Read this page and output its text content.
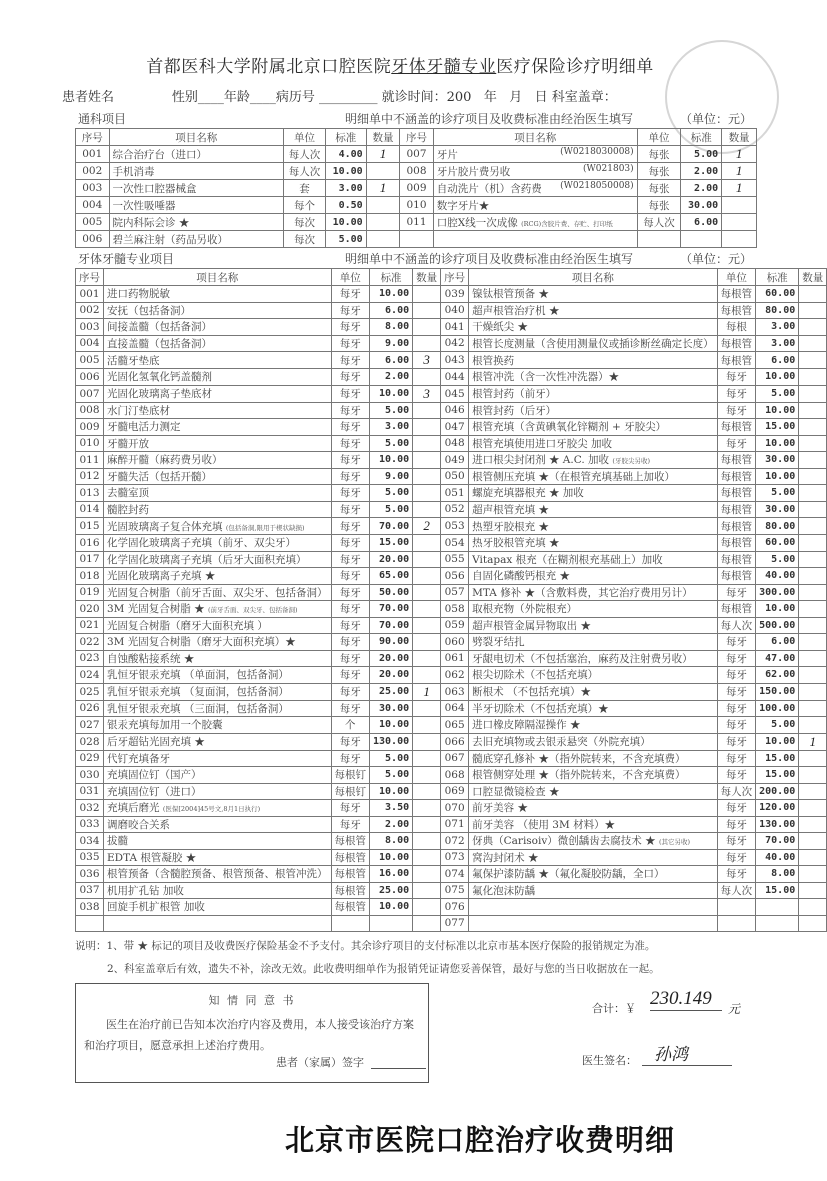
首都医科大学附属北京口腔医院牙体牙髓专业医疗保险诊疗明细单
患者姓名              性别____年龄____病历号 _________ 就诊时间：200   年   月   日 科室盖章：
通科项目	明细单中不涵盖的诊疗项目及收费标准由经治医生填写	（单位：元）
序号	项目名称	单位	标准	数量	序号	项目名称	单位	标准	数量
001	综合治疗台（进口）	每人次	4.00	1	007	牙片 (W0218030008)	每张	5.00	1
002	手机消毒	每人次	10.00		008	牙片胶片费另收 (W021803)	每张	2.00	1
003	一次性口腔器械盒	套	3.00	1	009	自动洗片（机）含药费 (W0218050008)	每张	2.00	1
004	一次性吸唾器	每个	0.50		010	数字牙片★	每张	30.00	
005	院内科际会诊 ★	每次	10.00		011	口腔X线一次成像 (RCG)含胶片费、存贮、打印纸	每人次	6.00	
006	碧兰麻注射（药品另收）	每次	5.00						
牙体牙髓专业项目	明细单中不涵盖的诊疗项目及收费标准由经治医生填写	（单位：元）
序号	项目名称	单位	标准	数量	序号	项目名称	单位	标准	数量
001	进口药物脱敏	每牙	10.00		039	镍钛根管预备 ★	每根管	60.00	
002	安抚（包括备洞）	每牙	6.00		040	超声根管治疗机 ★	每根管	80.00	
003	间接盖髓（包括备洞）	每牙	8.00		041	干燥纸尖 ★	每根	3.00	
004	直接盖髓（包括备洞）	每牙	9.00		042	根管长度测量（含使用测量仪或插诊断丝确定长度）	每根管	3.00	
005	活髓牙垫底	每牙	6.00	3	043	根管换药	每根管	6.00	
006	光固化氢氧化钙盖髓剂	每牙	2.00		044	根管冲洗（含一次性冲洗器）★	每牙	10.00	
007	光固化玻璃离子垫底材	每牙	10.00	3	045	根管封药（前牙）	每牙	5.00	
008	水门汀垫底材	每牙	5.00		046	根管封药（后牙）	每牙	10.00	
009	牙髓电活力测定	每牙	3.00		047	根管充填（含黄碘氧化锌糊剂 + 牙胶尖）	每根管	15.00	
010	牙髓开放	每牙	5.00		048	根管充填使用进口牙胶尖 加收	每牙	10.00	
011	麻醉开髓（麻药费另收）	每牙	10.00		049	进口根尖封闭剂 ★ A.C. 加收 (牙胶尖另收)	每根管	30.00	
012	牙髓失活（包括开髓）	每牙	9.00		050	根管侧压充填 ★（在根管充填基础上加收）	每根管	10.00	
013	去髓室顶	每牙	5.00		051	螺旋充填器根充 ★ 加收	每根管	5.00	
014	髓腔封药	每牙	5.00		052	超声根管充填 ★	每根管	30.00	
015	光固玻璃离子复合体充填 (包括备洞,限用于楔状缺损)	每牙	70.00	2	053	热塑牙胶根充 ★	每根管	80.00	
016	化学固化玻璃离子充填（前牙、双尖牙）	每牙	15.00		054	热牙胶根管充填 ★	每根管	60.00	
017	化学固化玻璃离子充填（后牙大面积充填）	每牙	20.00		055	Vitapax 根充（在糊剂根充基础上）加收	每根管	5.00	
018	光固化玻璃离子充填 ★	每牙	65.00		056	自固化磷酸钙根充 ★	每根管	40.00	
019	光固复合树脂（前牙舌面、双尖牙、包括备洞）	每牙	50.00		057	MTA 修补 ★（含敷料费，其它治疗费用另计）	每牙	300.00	
020	3M 光固复合树脂 ★ (前牙舌面、双尖牙、包括备洞)	每牙	70.00		058	取根充物（外院根充）	每根管	10.00	
021	光固复合树脂（磨牙大面积充填 ）	每牙	70.00		059	超声根管金属异物取出 ★	每人次	500.00	
022	3M 光固复合树脂（磨牙大面积充填）★	每牙	90.00		060	劈裂牙结扎	每牙	6.00	
023	自蚀酸粘接系统 ★	每牙	20.00		061	牙龈电切术（不包括塞治，麻药及注射费另收）	每牙	47.00	
024	乳恒牙银汞充填 （单面洞，包括备洞）	每牙	20.00		062	根尖切除术（不包括充填）	每牙	62.00	
025	乳恒牙银汞充填 （复面洞，包括备洞）	每牙	25.00	1	063	断根术 （不包括充填）★	每牙	150.00	
026	乳恒牙银汞充填 （三面洞，包括备洞）	每牙	30.00		064	半牙切除术（不包括充填）★	每牙	100.00	
027	银汞充填每加用一个胶囊	个	10.00		065	进口橡皮障隔湿操作 ★	每牙	5.00	
028	后牙超钻光固充填 ★	每牙	130.00		066	去旧充填物或去银汞悬突（外院充填）	每牙	10.00	1
029	代钉充填备牙	每牙	5.00		067	髓底穿孔修补 ★（指外院转来，不含充填费）	每牙	15.00	
030	充填固位钉（国产）	每根钉	5.00		068	根管侧穿处理 ★（指外院转来，不含充填费）	每牙	15.00	
031	充填固位钉（进口）	每根钉	10.00		069	口腔显微镜检查 ★	每人次	200.00	
032	充填后磨光 (医保[2004]45号文,8月1日执行)	每牙	3.50		070	前牙美容 ★	每牙	120.00	
033	调磨咬合关系	每牙	2.00		071	前牙美容 （使用 3M 材料）★	每牙	130.00	
034	拔髓	每根管	8.00		072	伢典（Carisoiv）微创龋齿去腐技术 ★ (其它另收)	每牙	70.00	
035	EDTA 根管凝胶 ★	每根管	10.00		073	窝沟封闭术 ★	每牙	40.00	
036	根管预备（含髓腔预备、根管预备、根管冲洗）	每根管	16.00		074	氟保护漆防龋 ★（氟化凝胶防龋，全口）	每牙	8.00	
037	机用扩孔钻 加收	每根管	25.00		075	氟化泡沫防龋	每人次	15.00	
038	回旋手机扩根管 加收	每根管	10.00		076				
					077				
说明：1、带 ★ 标记的项目及收费医疗保险基金不予支付。其余诊疗项目的支付标准以北京市基本医疗保险的报销规定为准。
2、科室盖章后有效，遗失不补，涂改无效。此收费明细单作为报销凭证请您妥善保管，最好与您的当日收据放在一起。
知 情 同 意 书
医生在治疗前已告知本次治疗内容及费用，本人接受该治疗方案和治疗项目，愿意承担上述治疗费用。
患者（家属）签字
合计：￥ 230.149	元
医生签名：	孙鸿
北京市医院口腔治疗收费明细
